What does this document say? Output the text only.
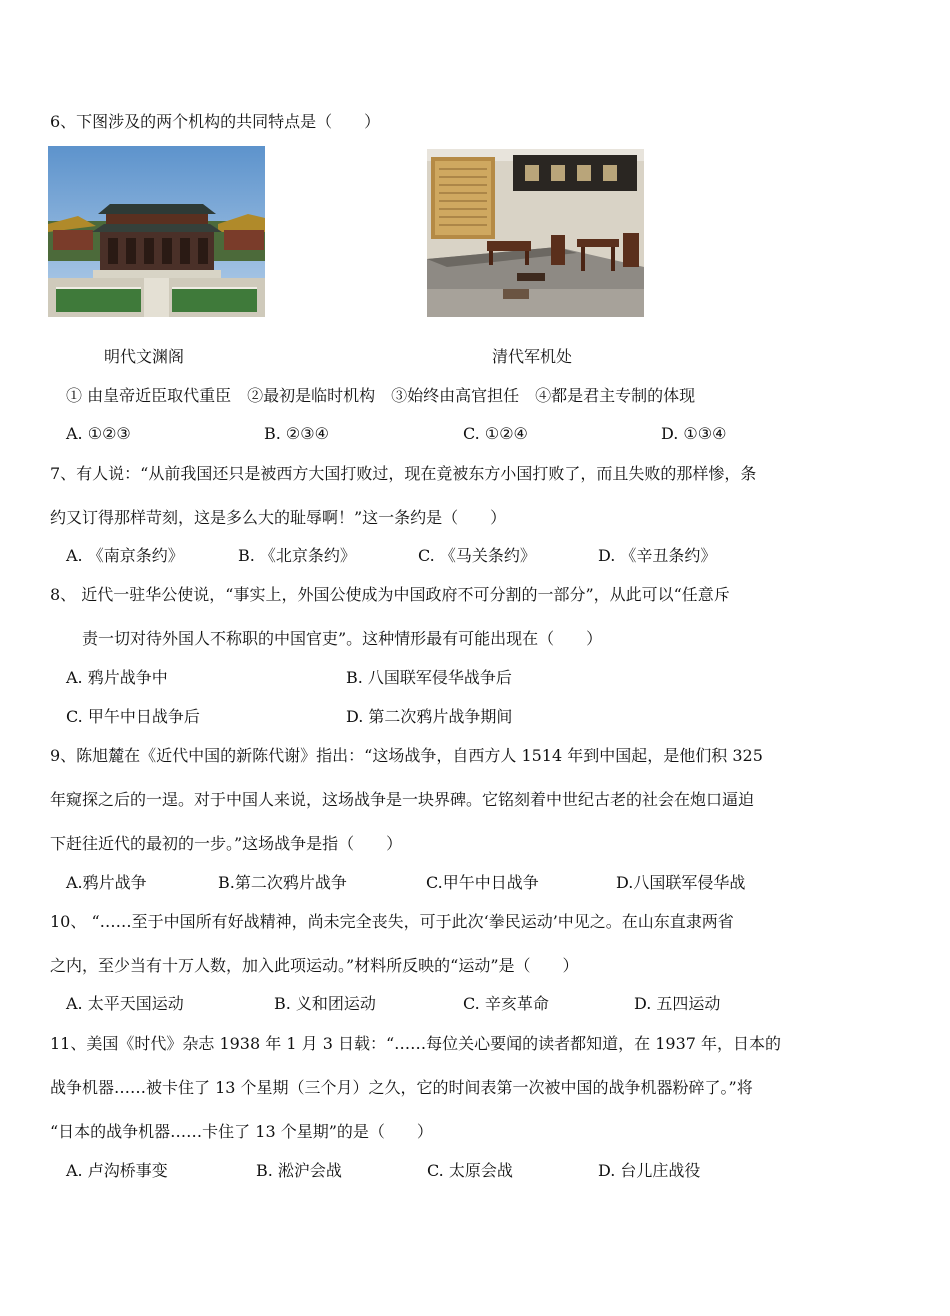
6、下图涉及的两个机构的共同特点是（　　）
明代文渊阁	清代军机处
① 由皇帝近臣取代重臣　②最初是临时机构　③始终由高官担任　④都是君主专制的体现
A. ①②③	B. ②③④	C. ①②④	D. ①③④
7、有人说：“从前我国还只是被西方大国打败过，现在竟被东方小国打败了，而且失败的那样惨，条
约又订得那样苛刻，这是多么大的耻辱啊！”这一条约是（　　）
A. 《南京条约》	B. 《北京条约》	C. 《马关条约》	D. 《辛丑条约》
8、 近代一驻华公使说，“事实上，外国公使成为中国政府不可分割的一部分”，从此可以“任意斥
责一切对待外国人不称职的中国官吏”。这种情形最有可能出现在（　　）
A. 鸦片战争中	B. 八国联军侵华战争后
C. 甲午中日战争后	D. 第二次鸦片战争期间
9、陈旭麓在《近代中国的新陈代谢》指出：“这场战争，自西方人 1514 年到中国起，是他们积 325
年窥探之后的一逞。对于中国人来说，这场战争是一块界碑。它铭刻着中世纪古老的社会在炮口逼迫
下赶往近代的最初的一步。”这场战争是指（　　）
A.鸦片战争	B.第二次鸦片战争	C.甲午中日战争	D.八国联军侵华战
10、 “……至于中国所有好战精神，尚未完全丧失，可于此次‘拳民运动’中见之。在山东直隶两省
之内，至少当有十万人数，加入此项运动。”材料所反映的“运动”是（　　）
A. 太平天国运动	B. 义和团运动	C. 辛亥革命	D. 五四运动
11、美国《时代》杂志 1938 年 1 月 3 日载：“……每位关心要闻的读者都知道，在 1937 年，日本的
战争机器……被卡住了 13 个星期（三个月）之久，它的时间表第一次被中国的战争机器粉碎了。”将
“日本的战争机器……卡住了 13 个星期”的是（　　）
A. 卢沟桥事变	B. 淞沪会战	C. 太原会战	D. 台儿庄战役
